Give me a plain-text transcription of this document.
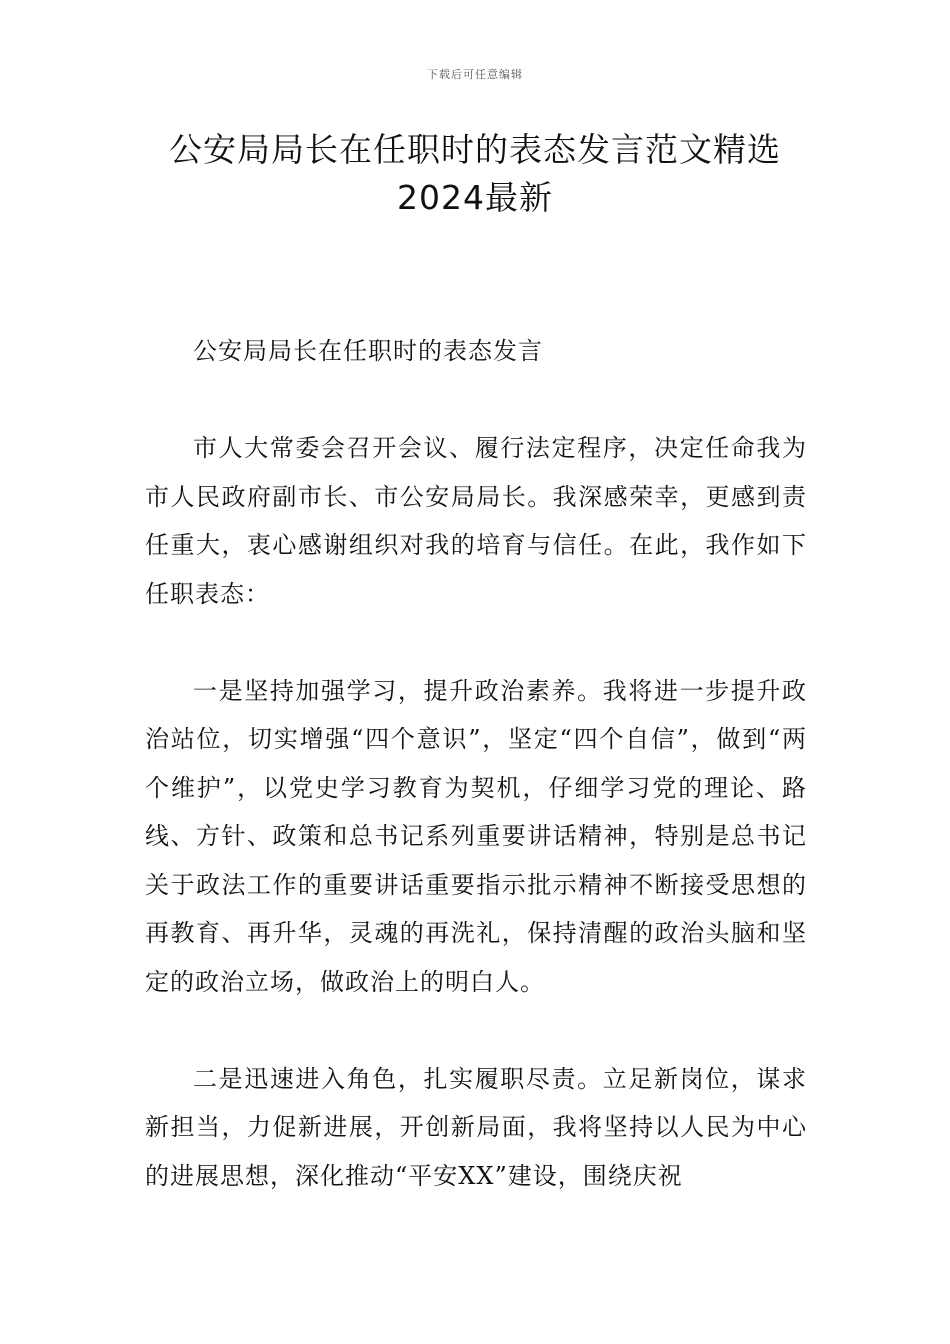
下载后可任意编辑
公安局局长在任职时的表态发言范文精选
2024最新

公安局局长在任职时的表态发言

市人大常委会召开会议、履行法定程序，决定任命我为市人民政府副市长、市公安局局长。我深感荣幸，更感到责任重大，衷心感谢组织对我的培育与信任。在此，我作如下任职表态：

一是坚持加强学习，提升政治素养。我将进一步提升政治站位，切实增强“四个意识”，坚定“四个自信”，做到“两个维护”，以党史学习教育为契机，仔细学习党的理论、路线、方针、政策和总书记系列重要讲话精神，特别是总书记关于政法工作的重要讲话重要指示批示精神不断接受思想的再教育、再升华，灵魂的再洗礼，保持清醒的政治头脑和坚定的政治立场，做政治上的明白人。

二是迅速进入角色，扎实履职尽责。立足新岗位，谋求新担当，力促新进展，开创新局面，我将坚持以人民为中心的进展思想，深化推动“平安XX”建设，围绕庆祝
